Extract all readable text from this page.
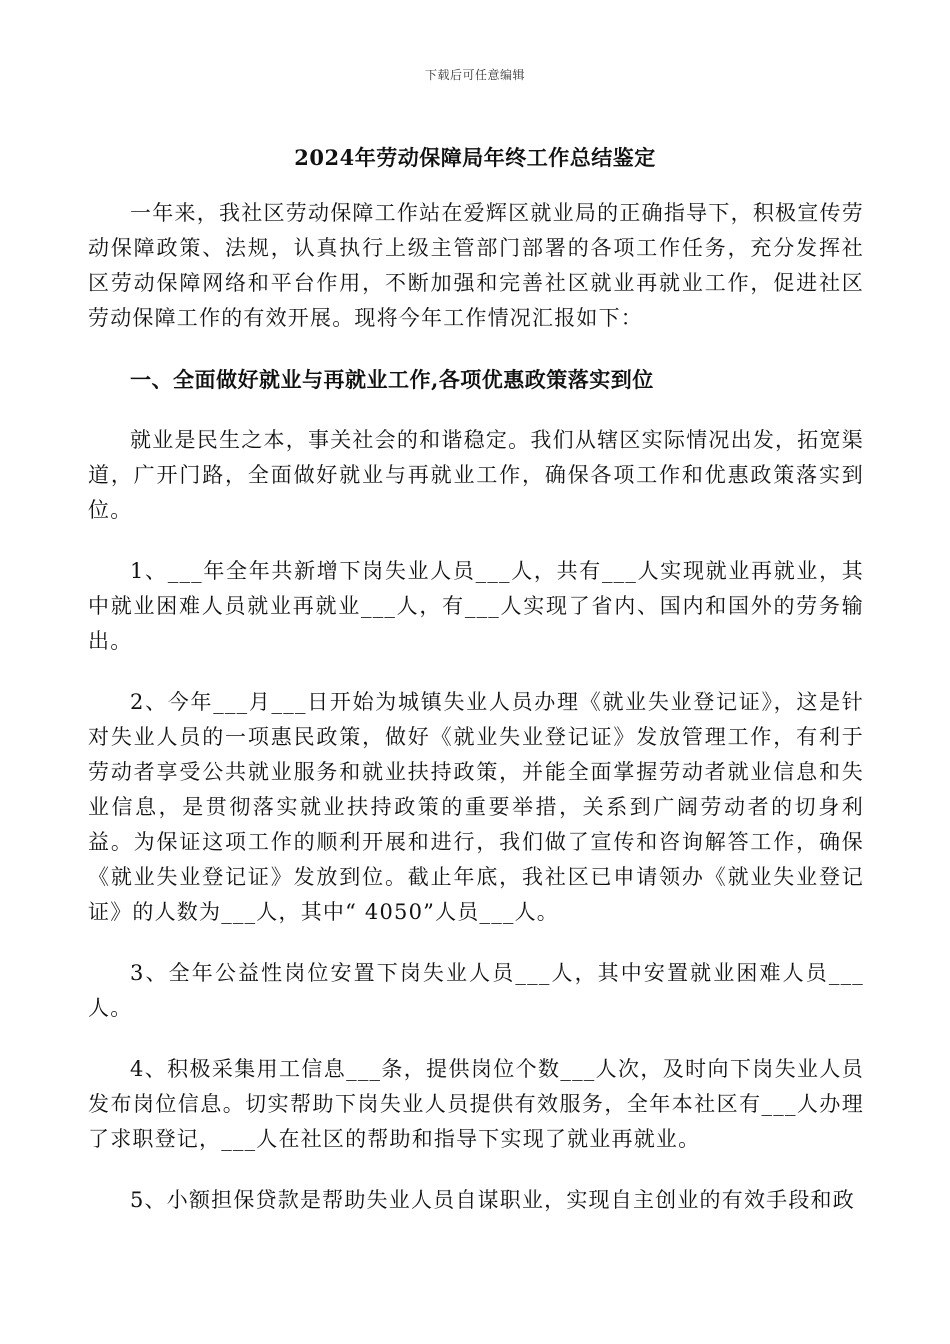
下载后可任意编辑
2024年劳动保障局年终工作总结鉴定

一年来，我社区劳动保障工作站在爱辉区就业局的正确指导下，积极宣传劳动保障政策、法规，认真执行上级主管部门部署的各项工作任务，充分发挥社区劳动保障网络和平台作用，不断加强和完善社区就业再就业工作，促进社区劳动保障工作的有效开展。现将今年工作情况汇报如下：

一、全面做好就业与再就业工作,各项优惠政策落实到位

就业是民生之本，事关社会的和谐稳定。我们从辖区实际情况出发，拓宽渠道，广开门路，全面做好就业与再就业工作，确保各项工作和优惠政策落实到位。

1、___年全年共新增下岗失业人员___人，共有___人实现就业再就业，其中就业困难人员就业再就业___人，有___人实现了省内、国内和国外的劳务输出。

2、今年___月___日开始为城镇失业人员办理《就业失业登记证》，这是针对失业人员的一项惠民政策，做好《就业失业登记证》发放管理工作，有利于劳动者享受公共就业服务和就业扶持政策，并能全面掌握劳动者就业信息和失业信息，是贯彻落实就业扶持政策的重要举措，关系到广阔劳动者的切身利益。为保证这项工作的顺利开展和进行，我们做了宣传和咨询解答工作，确保《就业失业登记证》发放到位。截止年底，我社区已申请领办《就业失业登记证》的人数为___人，其中“ 4050”人员___人。

3、全年公益性岗位安置下岗失业人员___人，其中安置就业困难人员___人。

4、积极采集用工信息___条，提供岗位个数___人次，及时向下岗失业人员发布岗位信息。切实帮助下岗失业人员提供有效服务，全年本社区有___人办理了求职登记，___人在社区的帮助和指导下实现了就业再就业。

5、小额担保贷款是帮助失业人员自谋职业，实现自主创业的有效手段和政
